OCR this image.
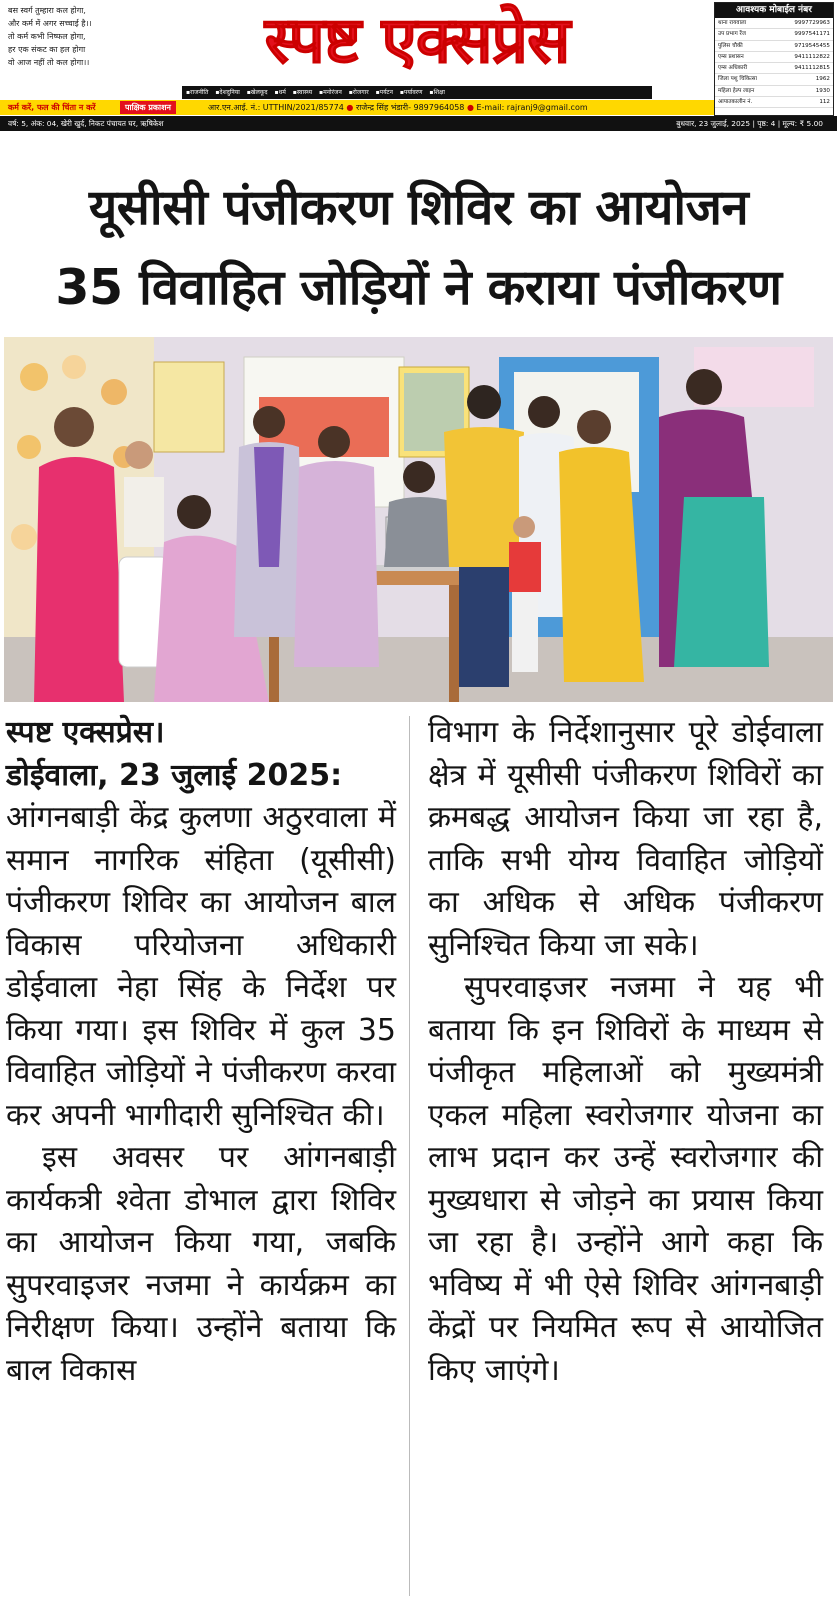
बस स्वर्ग तुम्हारा कल होगा,
और कर्म में अगर सच्चाई है।।
तो कर्म कभी निष्फल होगा,
हर एक संकट का हल होगा
वो आज नहीं तो कल होगा।।	स्पष्ट एक्सप्रेस
▪ राजनीति ▪ देशदुनिया ▪ खेलकूद ▪ धर्म ▪ स्वास्थ्य ▪ मनोरंजन ▪ रोजगार ▪ पर्यटन ▪ पर्यावरण ▪ शिक्षा
आवश्यक मोबाईल नंबर
थाना रायवाला	9997729963
उप प्रभाग रेंज	9997541171
पुलिस चौकी	9719545455
एम्स प्रशासन	9411112822
एम्स अधिकारी	9411112815
जिला पशु चिकित्सा	1962
महिला हेल्प लाइन	1930
आपातकालीन नं.	112
कर्म करें, फल की चिंता न करें	पाक्षिक प्रकाशन	आर.एन.आई. नं.: UTTHIN/2021/85774 ● राजेन्द्र सिंह भंडारी- 9897964058 ● E-mail: rajranj9@gmail.com
वर्ष: 5, अंक: 04, खेरी खुर्द, निकट पंचायत घर, ऋषिकेश	बुधवार, 23 जुलाई, 2025 | पृष्ठ: 4 | मूल्य: ₹ 5.00
यूसीसी पंजीकरण शिविर का आयोजन
35 विवाहित जोड़ियों ने कराया पंजीकरण

स्पष्ट एक्सप्रेस।

डोईवाला, 23 जुलाई 2025:

आंगनबाड़ी केंद्र कुलणा अठुरवाला में समान नागरिक संहिता (यूसीसी) पंजीकरण शिविर का आयोजन बाल विकास परियोजना अधिकारी डोईवाला नेहा सिंह के निर्देश पर किया गया। इस शिविर में कुल 35 विवाहित जोड़ियों ने पंजीकरण करवा कर अपनी भागीदारी सुनिश्चित की।

इस अवसर पर आंगनबाड़ी कार्यकत्री श्वेता डोभाल द्वारा शिविर का आयोजन किया गया, जबकि सुपरवाइजर नजमा ने कार्यक्रम का निरीक्षण किया। उन्होंने बताया कि बाल विकास

विभाग के निर्देशानुसार पूरे डोईवाला क्षेत्र में यूसीसी पंजीकरण शिविरों का क्रमबद्ध आयोजन किया जा रहा है, ताकि सभी योग्य विवाहित जोड़ियों का अधिक से अधिक पंजीकरण सुनिश्चित किया जा सके।

सुपरवाइजर नजमा ने यह भी बताया कि इन शिविरों के माध्यम से पंजीकृत महिलाओं को मुख्यमंत्री एकल महिला स्वरोजगार योजना का लाभ प्रदान कर उन्हें स्वरोजगार की मुख्यधारा से जोड़ने का प्रयास किया जा रहा है। उन्होंने आगे कहा कि भविष्य में भी ऐसे शिविर आंगनबाड़ी केंद्रों पर नियमित रूप से आयोजित किए जाएंगे।
